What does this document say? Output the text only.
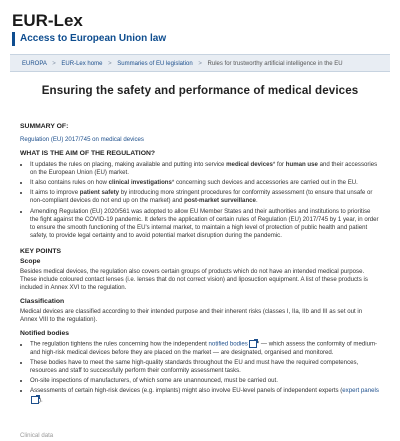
EUR-Lex
Access to European Union law
EUROPA > EUR-Lex home > Summaries of EU legislation > Rules for trustworthy artificial intelligence in the EU
Ensuring the safety and performance of medical devices
SUMMARY OF:
Regulation (EU) 2017/745 on medical devices
WHAT IS THE AIM OF THE REGULATION?
• It updates the rules on placing, making available and putting into service medical devices* for human use and their accessories on the European Union (EU) market.
• It also contains rules on how clinical investigations* concerning such devices and accessories are carried out in the EU.
• It aims to improve patient safety by introducing more stringent procedures for conformity assessment (to ensure that unsafe or non-compliant devices do not end up on the market) and post-market surveillance.
• Amending Regulation (EU) 2020/561 was adopted to allow EU Member States and their authorities and institutions to prioritise the fight against the COVID-19 pandemic. It defers the application of certain rules of Regulation (EU) 2017/745 by 1 year, in order to ensure the smooth functioning of the EU's internal market, to maintain a high level of protection of public health and patient safety, to provide legal certainty and to avoid potential market disruption during the pandemic.
KEY POINTS
Scope
Besides medical devices, the regulation also covers certain groups of products which do not have an intended medical purpose. These include coloured contact lenses (i.e. lenses that do not correct vision) and liposuction equipment. A list of these products is included in Annex XVI to the regulation.
Classification
Medical devices are classified according to their intended purpose and their inherent risks (classes I, IIa, IIb and III as set out in Annex VIII to the regulation).
Notified bodies
• The regulation tightens the rules concerning how the independent notified bodies * — which assess the conformity of medium- and high-risk medical devices before they are placed on the market — are designated, organised and monitored.
• These bodies have to meet the same high-quality standards throughout the EU and must have the required competences, resources and staff to successfully perform their conformity assessment tasks.
• On-site inspections of manufacturers, of which some are unannounced, must be carried out.
• Assessments of certain high-risk devices (e.g. implants) might also involve EU-level panels of independent experts (expert panels).
Clinical data
